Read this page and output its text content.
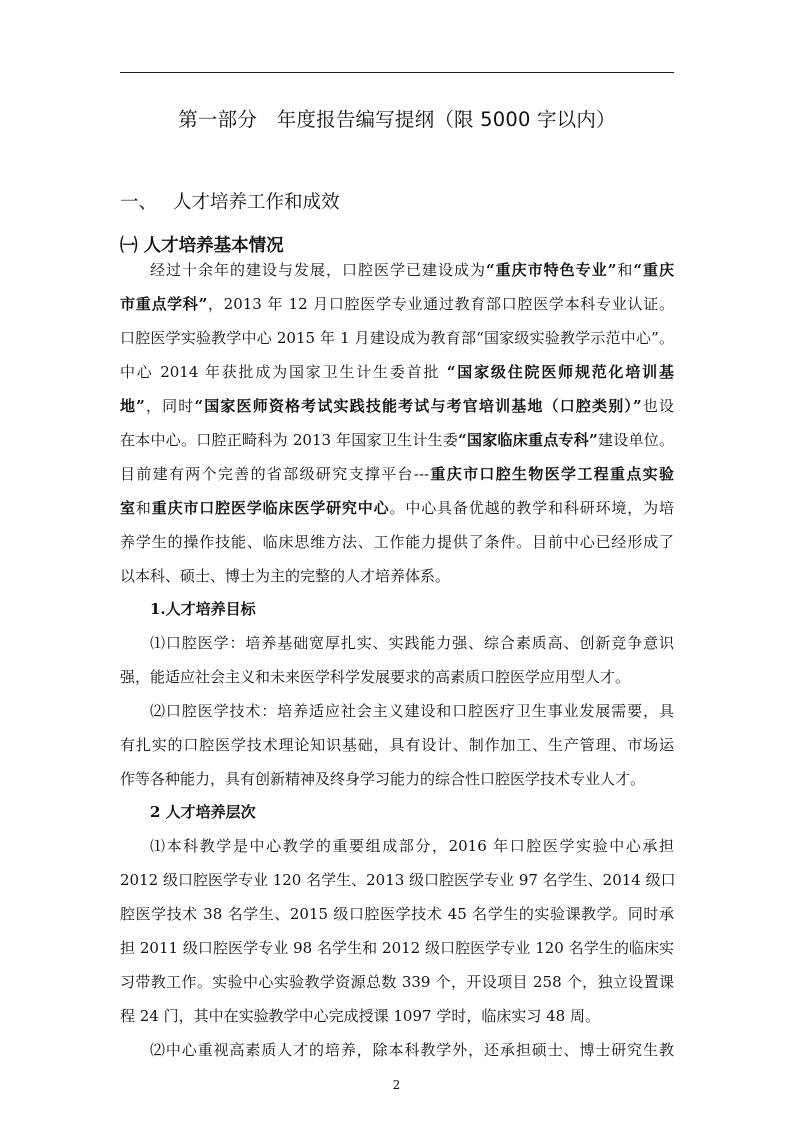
第一部分　年度报告编写提纲（限 5000 字以内）
一、 人才培养工作和成效
㈠ 人才培养基本情况
经过十余年的建设与发展，口腔医学已建设成为“重庆市特色专业”和“重庆
市重点学科”，2013 年 12 月口腔医学专业通过教育部口腔医学本科专业认证。
口腔医学实验教学中心 2015 年 1 月建设成为教育部“国家级实验教学示范中心”。
中心 2014 年获批成为国家卫生计生委首批 “国家级住院医师规范化培训基
地”，同时“国家医师资格考试实践技能考试与考官培训基地（口腔类别）”也设
在本中心。口腔正畸科为 2013 年国家卫生计生委“国家临床重点专科”建设单位。
目前建有两个完善的省部级研究支撑平台---重庆市口腔生物医学工程重点实验
室和重庆市口腔医学临床医学研究中心。中心具备优越的教学和科研环境，为培
养学生的操作技能、临床思维方法、工作能力提供了条件。目前中心已经形成了
以本科、硕士、博士为主的完整的人才培养体系。
1.人才培养目标
⑴口腔医学：培养基础宽厚扎实、实践能力强、综合素质高、创新竞争意识
强，能适应社会主义和未来医学科学发展要求的高素质口腔医学应用型人才。
⑵口腔医学技术：培养适应社会主义建设和口腔医疗卫生事业发展需要，具
有扎实的口腔医学技术理论知识基础，具有设计、制作加工、生产管理、市场运
作等各种能力，具有创新精神及终身学习能力的综合性口腔医学技术专业人才。
2 人才培养层次
⑴本科教学是中心教学的重要组成部分，2016 年口腔医学实验中心承担
2012 级口腔医学专业 120 名学生、2013 级口腔医学专业 97 名学生、2014 级口
腔医学技术 38 名学生、2015 级口腔医学技术 45 名学生的实验课教学。同时承
担 2011 级口腔医学专业 98 名学生和 2012 级口腔医学专业 120 名学生的临床实
习带教工作。实验中心实验教学资源总数 339 个，开设项目 258 个，独立设置课
程 24 门，其中在实验教学中心完成授课 1097 学时，临床实习 48 周。
⑵中心重视高素质人才的培养，除本科教学外，还承担硕士、博士研究生教
2
